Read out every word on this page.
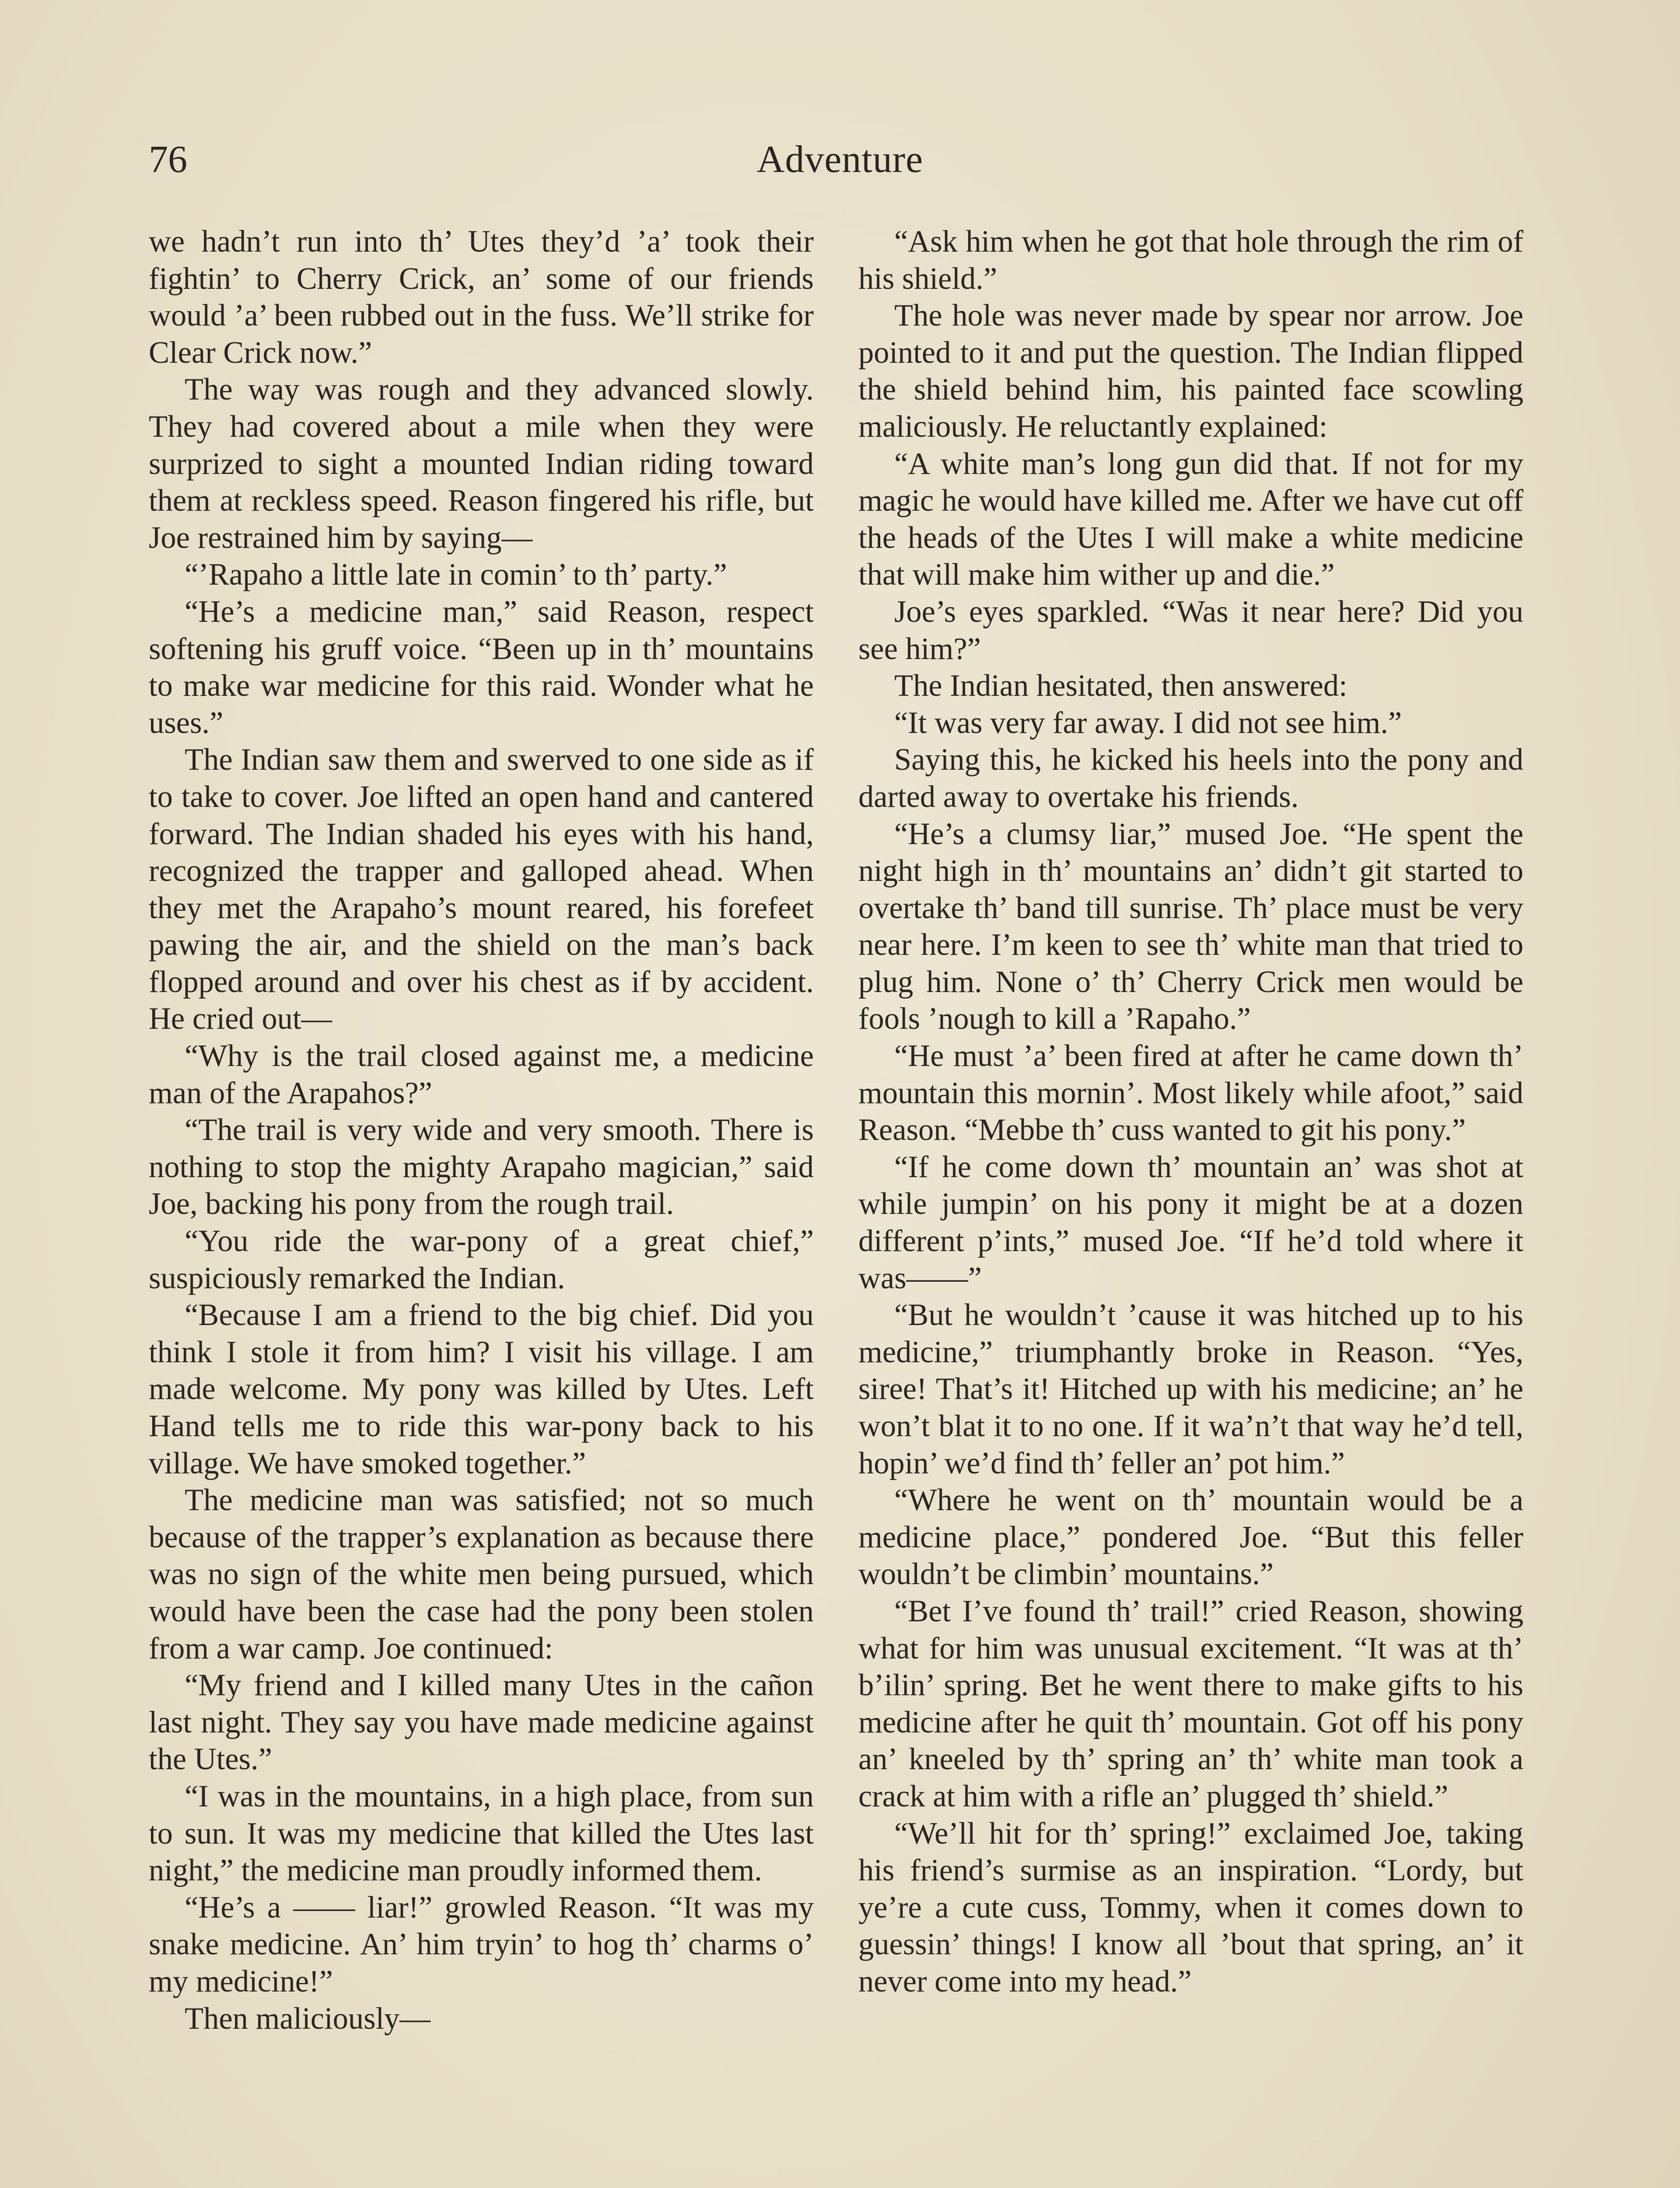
76	Adventure

we hadn’t run into th’ Utes they’d ’a’ took their fightin’ to Cherry Crick, an’ some of our friends would ’a’ been rubbed out in the fuss. We’ll strike for Clear Crick now.”

The way was rough and they advanced slowly. They had covered about a mile when they were surprized to sight a mounted Indian riding toward them at reckless speed. Reason fingered his rifle, but Joe restrained him by saying—

“’Rapaho a little late in comin’ to th’ party.”

“He’s a medicine man,” said Reason, respect softening his gruff voice. “Been up in th’ mountains to make war medicine for this raid. Wonder what he uses.”

The Indian saw them and swerved to one side as if to take to cover. Joe lifted an open hand and cantered forward. The Indian shaded his eyes with his hand, recognized the trapper and galloped ahead. When they met the Arapaho’s mount reared, his forefeet pawing the air, and the shield on the man’s back flopped around and over his chest as if by accident. He cried out—

“Why is the trail closed against me, a medicine man of the Arapahos?”

“The trail is very wide and very smooth. There is nothing to stop the mighty Arapaho magician,” said Joe, backing his pony from the rough trail.

“You ride the war-pony of a great chief,” suspiciously remarked the Indian.

“Because I am a friend to the big chief. Did you think I stole it from him? I visit his village. I am made welcome. My pony was killed by Utes. Left Hand tells me to ride this war-pony back to his village. We have smoked together.”

The medicine man was satisfied; not so much because of the trapper’s explanation as because there was no sign of the white men being pursued, which would have been the case had the pony been stolen from a war camp. Joe continued:

“My friend and I killed many Utes in the cañon last night. They say you have made medicine against the Utes.”

“I was in the mountains, in a high place, from sun to sun. It was my medicine that killed the Utes last night,” the medicine man proudly informed them.

“He’s a —— liar!” growled Reason. “It was my snake medicine. An’ him tryin’ to hog th’ charms o’ my medicine!”

Then maliciously—

“Ask him when he got that hole through the rim of his shield.”

The hole was never made by spear nor arrow. Joe pointed to it and put the question. The Indian flipped the shield behind him, his painted face scowling maliciously. He reluctantly explained:

“A white man’s long gun did that. If not for my magic he would have killed me. After we have cut off the heads of the Utes I will make a white medicine that will make him wither up and die.”

Joe’s eyes sparkled. “Was it near here? Did you see him?”

The Indian hesitated, then answered:

“It was very far away. I did not see him.”

Saying this, he kicked his heels into the pony and darted away to overtake his friends.

“He’s a clumsy liar,” mused Joe. “He spent the night high in th’ mountains an’ didn’t git started to overtake th’ band till sunrise. Th’ place must be very near here. I’m keen to see th’ white man that tried to plug him. None o’ th’ Cherry Crick men would be fools ’nough to kill a ’Rapaho.”

“He must ’a’ been fired at after he came down th’ mountain this mornin’. Most likely while afoot,” said Reason. “Mebbe th’ cuss wanted to git his pony.”

“If he come down th’ mountain an’ was shot at while jumpin’ on his pony it might be at a dozen different p’ints,” mused Joe. “If he’d told where it was——”

“But he wouldn’t ’cause it was hitched up to his medicine,” triumphantly broke in Reason. “Yes, siree! That’s it! Hitched up with his medicine; an’ he won’t blat it to no one. If it wa’n’t that way he’d tell, hopin’ we’d find th’ feller an’ pot him.”

“Where he went on th’ mountain would be a medicine place,” pondered Joe. “But this feller wouldn’t be climbin’ mountains.”

“Bet I’ve found th’ trail!” cried Reason, showing what for him was unusual excitement. “It was at th’ b’ilin’ spring. Bet he went there to make gifts to his medicine after he quit th’ mountain. Got off his pony an’ kneeled by th’ spring an’ th’ white man took a crack at him with a rifle an’ plugged th’ shield.”

“We’ll hit for th’ spring!” exclaimed Joe, taking his friend’s surmise as an inspiration. “Lordy, but ye’re a cute cuss, Tommy, when it comes down to guessin’ things! I know all ’bout that spring, an’ it never come into my head.”
